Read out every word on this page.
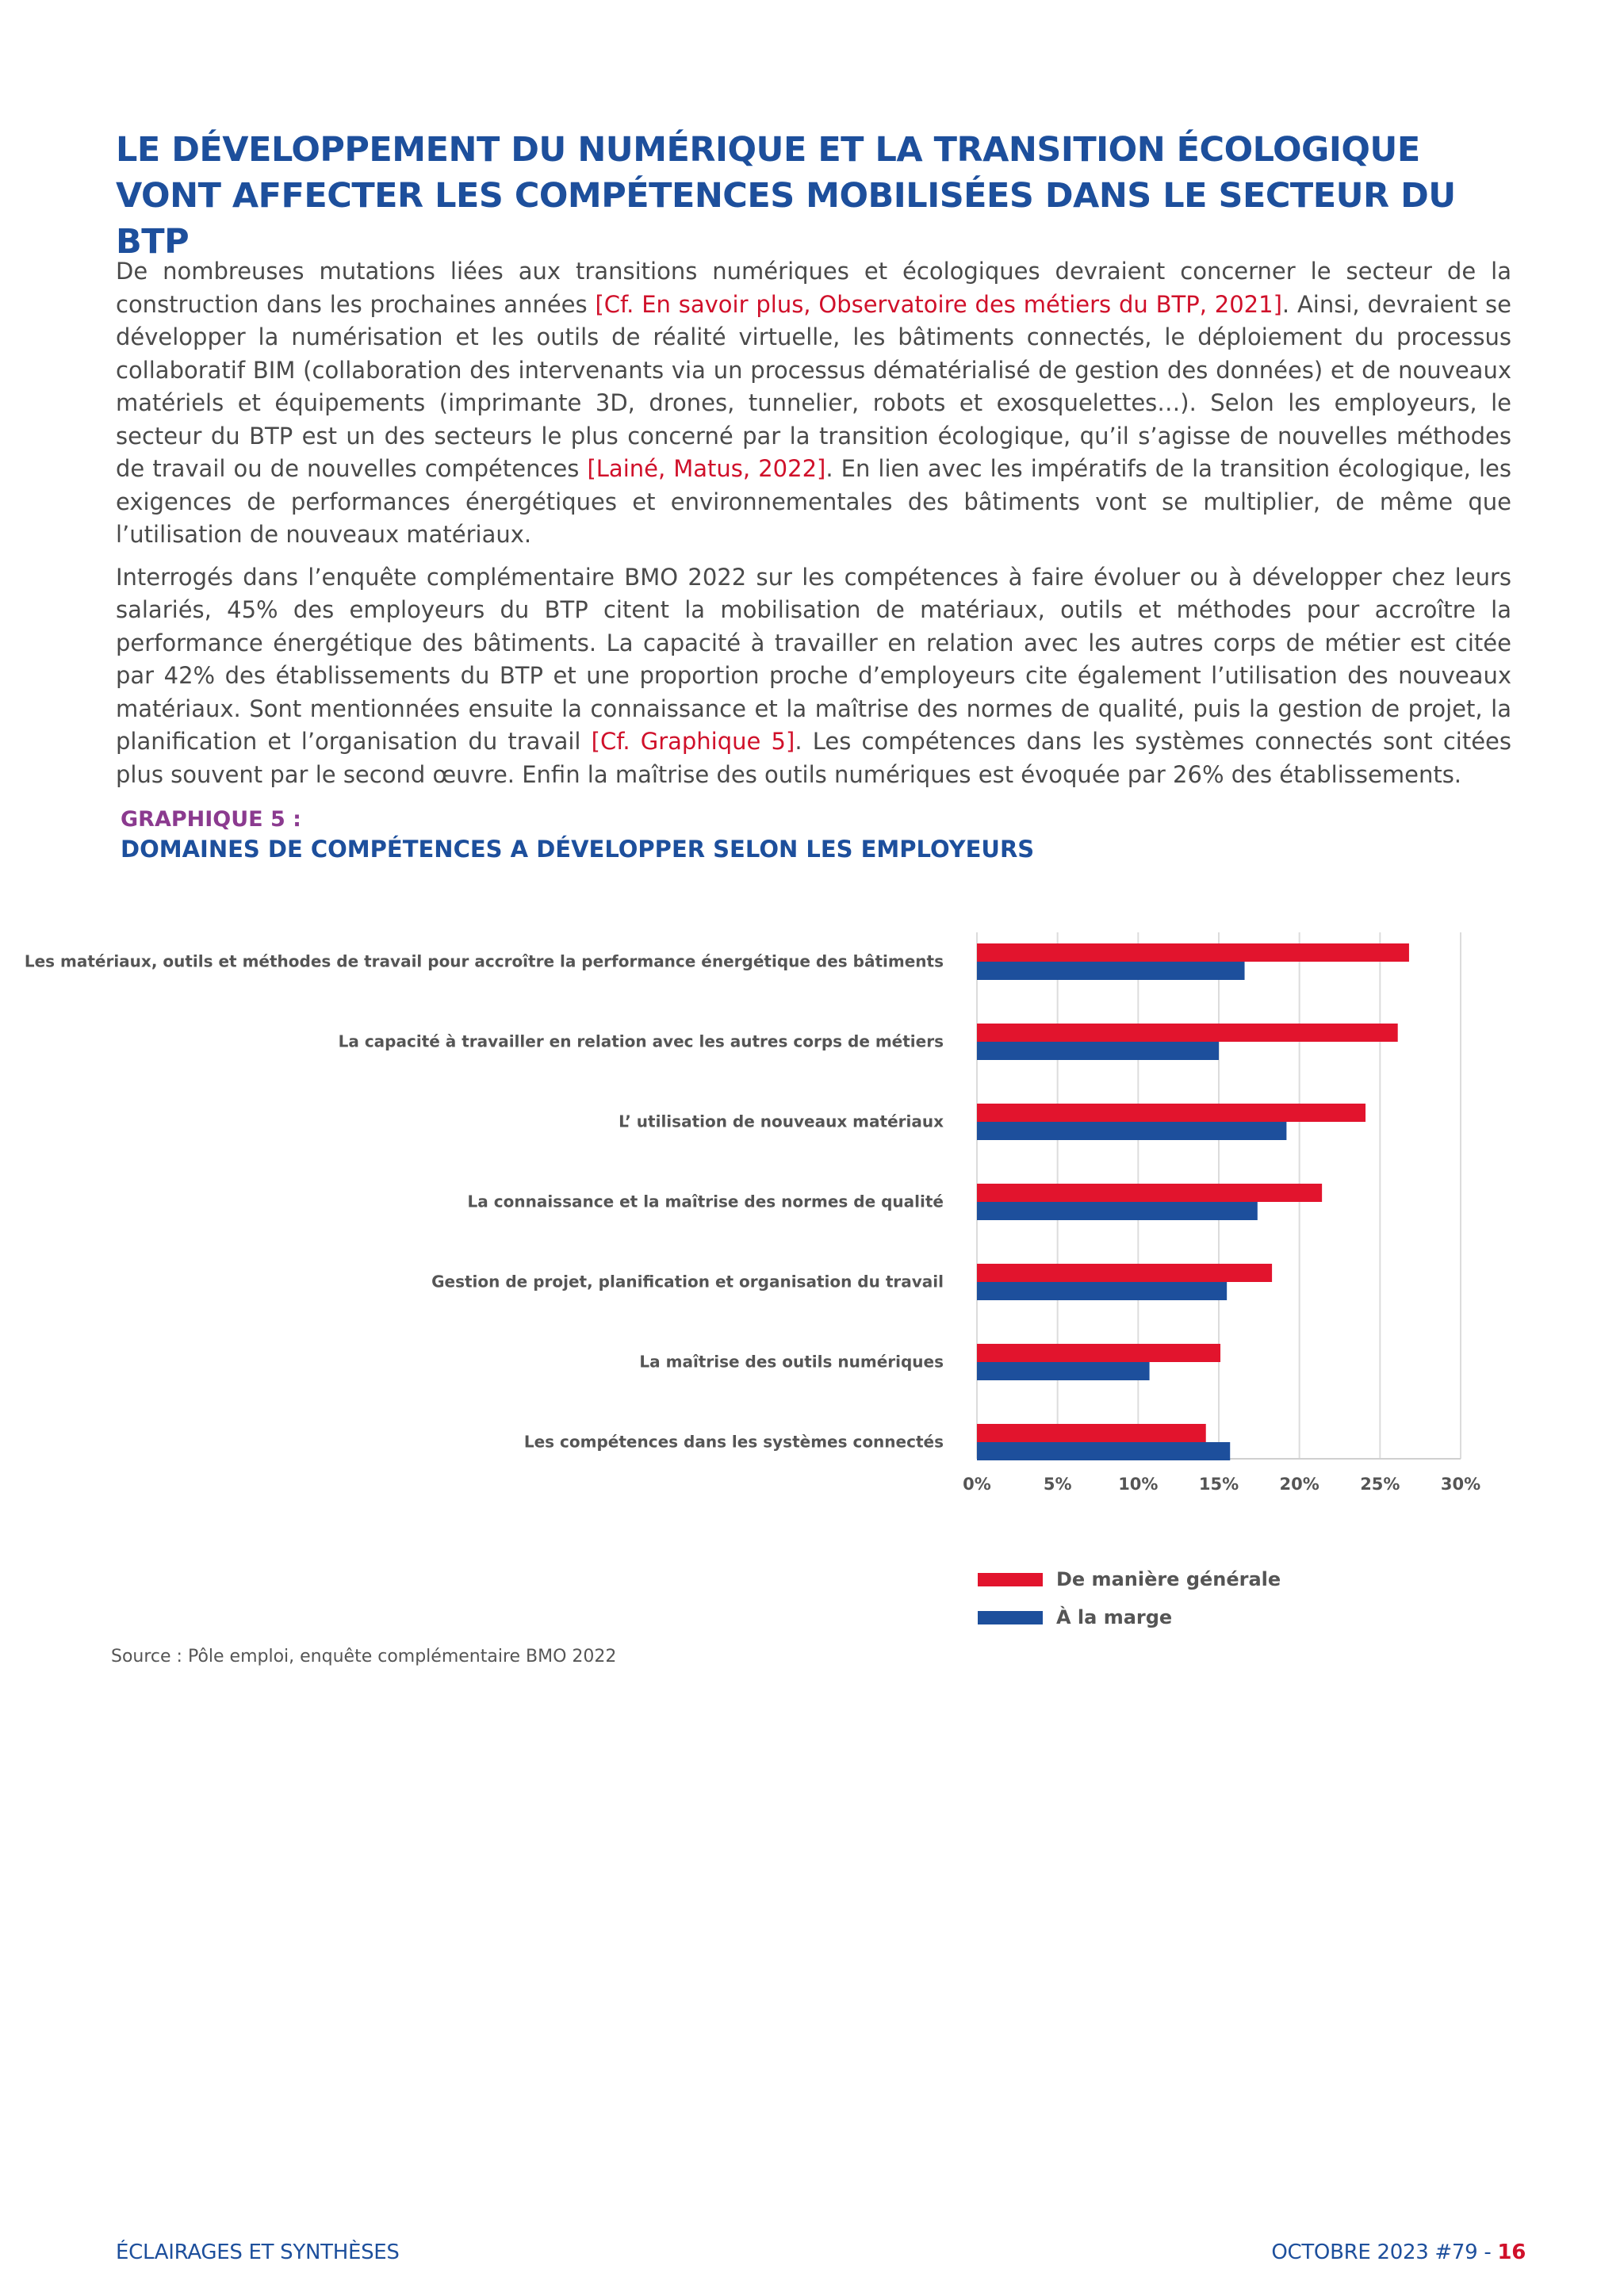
LE DÉVELOPPEMENT DU NUMÉRIQUE ET LA TRANSITION ÉCOLOGIQUE
VONT AFFECTER LES COMPÉTENCES MOBILISÉES DANS LE SECTEUR DU BTP

De nombreuses mutations liées aux transitions numériques et écologiques devraient concerner le secteur de la construction dans les prochaines années [Cf. En savoir plus, Observatoire des métiers du BTP, 2021]. Ainsi, devraient se développer la numérisation et les outils de réalité virtuelle, les bâtiments connectés, le déploiement du processus collaboratif BIM (collaboration des intervenants via un processus dématérialisé de gestion des données) et de nouveaux matériels et équipements (imprimante 3D, drones, tunnelier, robots et exosquelettes…). Selon les employeurs, le secteur du BTP est un des secteurs le plus concerné par la transition écologique, qu’il s’agisse de nouvelles méthodes de travail ou de nouvelles compétences [Lainé, Matus, 2022]. En lien avec les impératifs de la transition écologique, les exigences de performances énergétiques et environnementales des bâtiments vont se multiplier, de même que l’utilisation de nouveaux matériaux.

Interrogés dans l’enquête complémentaire BMO 2022 sur les compétences à faire évoluer ou à développer chez leurs salariés, 45% des employeurs du BTP citent la mobilisation de matériaux, outils et méthodes pour accroître la performance énergétique des bâtiments. La capacité à travailler en relation avec les autres corps de métier est citée par 42% des établissements du BTP et une proportion proche d’employeurs cite également l’utilisation des nouveaux matériaux. Sont mentionnées ensuite la connaissance et la maîtrise des normes de qualité, puis la gestion de projet, la planification et l’organisation du travail [Cf. Graphique 5]. Les compétences dans les systèmes connectés sont citées plus souvent par le second œuvre. Enfin la maîtrise des outils numériques est évoquée par 26% des établissements.

GRAPHIQUE 5 :
DOMAINES DE COMPÉTENCES A DÉVELOPPER SELON LES EMPLOYEURS
0%	5%	10% 15% 20% 25% 30%
Les matériaux, outils et méthodes de travail pour accroître la performance énergétique des bâtiments
La capacité à travailler en relation avec les autres corps de métiers
L’ utilisation de nouveaux matériaux
La connaissance et la maîtrise des normes de qualité
Gestion de projet, planification et organisation du travail
La maîtrise des outils numériques
Les compétences dans les systèmes connectés
De manière générale
À la marge
Source : Pôle emploi, enquête complémentaire BMO 2022
ÉCLAIRAGES ET SYNTHÈSES	OCTOBRE 2023 #79 - 16
